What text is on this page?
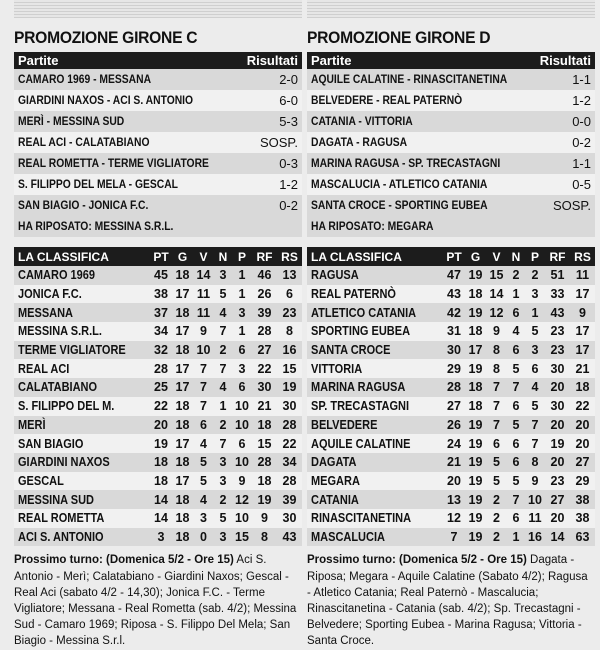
PROMOZIONE GIRONE C
Partite	Risultati
CAMARO 1969 - MESSANA	2-0
GIARDINI NAXOS - ACI S. ANTONIO	6-0
MERÌ - MESSINA SUD	5-3
REAL ACI - CALATABIANO	SOSP.
REAL ROMETTA - TERME VIGLIATORE	0-3
S. FILIPPO DEL MELA - GESCAL	1-2
SAN BIAGIO - JONICA F.C.	0-2
HA RIPOSATO: MESSINA S.R.L.
LA CLASSIFICA	PT	G	V	N	P	RF	RS
CAMARO 1969	45	18	14	3	1	46	13
JONICA F.C.	38	17	11	5	1	26	6
MESSANA	37	18	11	4	3	39	23
MESSINA S.R.L.	34	17	9	7	1	28	8
TERME VIGLIATORE	32	18	10	2	6	27	16
REAL ACI	28	17	7	7	3	22	15
CALATABIANO	25	17	7	4	6	30	19
S. FILIPPO DEL M.	22	18	7	1	10	21	30
MERÌ	20	18	6	2	10	18	28
SAN BIAGIO	19	17	4	7	6	15	22
GIARDINI NAXOS	18	18	5	3	10	28	34
GESCAL	18	17	5	3	9	18	28
MESSINA SUD	14	18	4	2	12	19	39
REAL ROMETTA	14	18	3	5	10	9	30
ACI S. ANTONIO	3	18	0	3	15	8	43
Prossimo turno: (Domenica 5/2 - Ore 15) Aci S. Antonio - Merì; Calatabiano - Giardini Naxos; Gescal - Real Aci (sabato 4/2 - 14,30); Jonica F.C. - Terme Vigliatore; Messana - Real Rometta (sab. 4/2); Messina Sud - Camaro 1969; Riposa - S. Filippo Del Mela; San Biagio - Messina S.r.l.
PROMOZIONE GIRONE D
Partite	Risultati
AQUILE CALATINE - RINASCITANETINA	1-1
BELVEDERE - REAL PATERNÒ	1-2
CATANIA - VITTORIA	0-0
DAGATA - RAGUSA	0-2
MARINA RAGUSA - SP. TRECASTAGNI	1-1
MASCALUCIA - ATLETICO CATANIA	0-5
SANTA CROCE - SPORTING EUBEA	SOSP.
HA RIPOSATO: MEGARA
LA CLASSIFICA	PT	G	V	N	P	RF	RS
RAGUSA	47	19	15	2	2	51	11
REAL PATERNÒ	43	18	14	1	3	33	17
ATLETICO CATANIA	42	19	12	6	1	43	9
SPORTING EUBEA	31	18	9	4	5	23	17
SANTA CROCE	30	17	8	6	3	23	17
VITTORIA	29	19	8	5	6	30	21
MARINA RAGUSA	28	18	7	7	4	20	18
SP. TRECASTAGNI	27	18	7	6	5	30	22
BELVEDERE	26	19	7	5	7	20	20
AQUILE CALATINE	24	19	6	6	7	19	20
DAGATA	21	19	5	6	8	20	27
MEGARA	20	19	5	5	9	23	29
CATANIA	13	19	2	7	10	27	38
RINASCITANETINA	12	19	2	6	11	20	38
MASCALUCIA	7	19	2	1	16	14	63
Prossimo turno: (Domenica 5/2 - Ore 15) Dagata - Riposa; Megara - Aquile Calatine (Sabato 4/2); Ragusa - Atletico Catania; Real Paternò - Mascalucia; Rinascitanetina - Catania (sab. 4/2); Sp. Trecastagni - Belvedere; Sporting Eubea - Marina Ragusa; Vittoria - Santa Croce.
